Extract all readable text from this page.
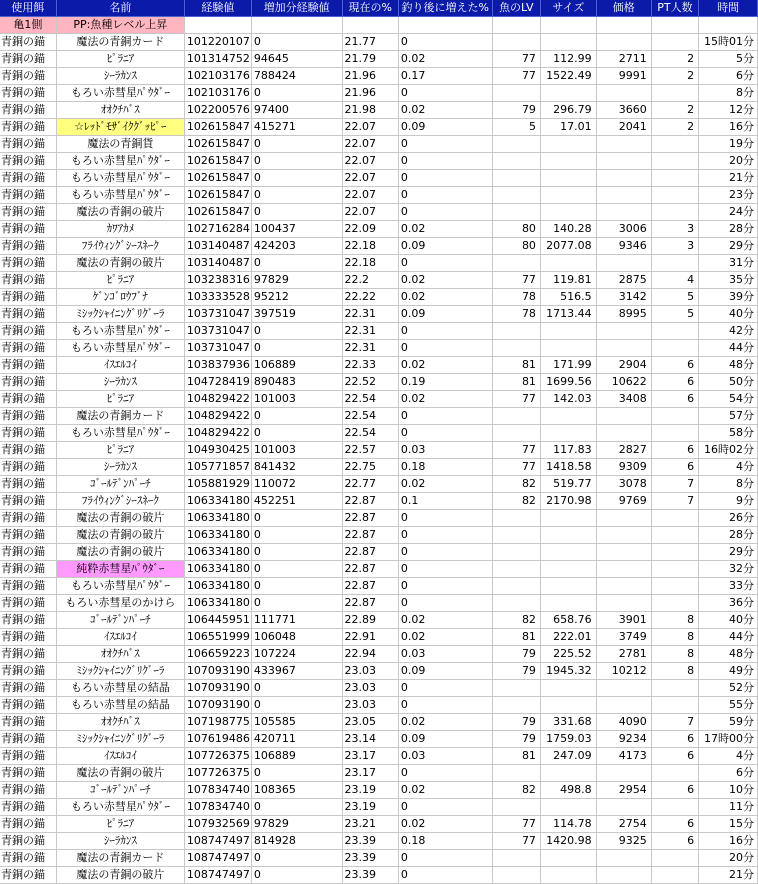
使用餌	名前	経験値	増加分経験値	現在の%	釣り後に増えた%	魚のLV	サイズ	価格	PT人数	時間
亀1側	PP:魚種レベル上昇									
青銅の錨	魔法の青銅カード	101220107	0	21.77	0					15時01分
青銅の錨	ﾋﾟﾗﾆｱ	101314752	94645	21.79	0.02	77	112.99	2711	2	5分
青銅の錨	ｼｰﾗｶﾝｽ	102103176	788424	21.96	0.17	77	1522.49	9991	2	6分
青銅の錨	もろい赤彗星ﾊﾟｳﾀﾞｰ	102103176	0	21.96	0					8分
青銅の錨	ｵｵｸﾁﾊﾞｽ	102200576	97400	21.98	0.02	79	296.79	3660	2	12分
青銅の錨	☆ﾚｯﾄﾞﾓｻﾞｲｸｸﾞｯﾋﾟｰ	102615847	415271	22.07	0.09	5	17.01	2041	2	16分
青銅の錨	魔法の青銅貨	102615847	0	22.07	0					19分
青銅の錨	もろい赤彗星ﾊﾟｳﾀﾞｰ	102615847	0	22.07	0					20分
青銅の錨	もろい赤彗星ﾊﾟｳﾀﾞｰ	102615847	0	22.07	0					21分
青銅の錨	もろい赤彗星ﾊﾟｳﾀﾞｰ	102615847	0	22.07	0					23分
青銅の錨	魔法の青銅の破片	102615847	0	22.07	0					24分
青銅の錨	ｶﾜｱｶﾒ	102716284	100437	22.09	0.02	80	140.28	3006	3	28分
青銅の錨	ﾌﾗｲｳｨﾝｸﾞｼｰｽﾈｰｸ	103140487	424203	22.18	0.09	80	2077.08	9346	3	29分
青銅の錨	魔法の青銅の破片	103140487	0	22.18	0					31分
青銅の錨	ﾋﾟﾗﾆｱ	103238316	97829	22.2	0.02	77	119.81	2875	4	35分
青銅の錨	ｹﾞﾝｺﾞﾛｳﾌﾞﾅ	103333528	95212	22.22	0.02	78	516.5	3142	5	39分
青銅の錨	ﾐｼｯｸｼｬｲﾆﾝｸﾞﾘｸﾞｰﾗ	103731047	397519	22.31	0.09	78	1713.44	8995	5	40分
青銅の錨	もろい赤彗星ﾊﾟｳﾀﾞｰ	103731047	0	22.31	0					42分
青銅の錨	もろい赤彗星ﾊﾟｳﾀﾞｰ	103731047	0	22.31	0					44分
青銅の錨	ｲｽｴﾙｺｲ	103837936	106889	22.33	0.02	81	171.99	2904	6	48分
青銅の錨	ｼｰﾗｶﾝｽ	104728419	890483	22.52	0.19	81	1699.56	10622	6	50分
青銅の錨	ﾋﾟﾗﾆｱ	104829422	101003	22.54	0.02	77	142.03	3408	6	54分
青銅の錨	魔法の青銅カード	104829422	0	22.54	0					57分
青銅の錨	もろい赤彗星ﾊﾟｳﾀﾞｰ	104829422	0	22.54	0					58分
青銅の錨	ﾋﾟﾗﾆｱ	104930425	101003	22.57	0.03	77	117.83	2827	6	16時02分
青銅の錨	ｼｰﾗｶﾝｽ	105771857	841432	22.75	0.18	77	1418.58	9309	6	4分
青銅の錨	ｺﾞｰﾙﾃﾞﾝﾊﾟｰﾁ	105881929	110072	22.77	0.02	82	519.77	3078	7	8分
青銅の錨	ﾌﾗｲｳｨﾝｸﾞｼｰｽﾈｰｸ	106334180	452251	22.87	0.1	82	2170.98	9769	7	9分
青銅の錨	魔法の青銅の破片	106334180	0	22.87	0					26分
青銅の錨	魔法の青銅の破片	106334180	0	22.87	0					28分
青銅の錨	魔法の青銅の破片	106334180	0	22.87	0					29分
青銅の錨	純粋赤彗星ﾊﾟｳﾀﾞｰ	106334180	0	22.87	0					32分
青銅の錨	もろい赤彗星ﾊﾟｳﾀﾞｰ	106334180	0	22.87	0					33分
青銅の錨	もろい赤彗星のかけら	106334180	0	22.87	0					36分
青銅の錨	ｺﾞｰﾙﾃﾞﾝﾊﾟｰﾁ	106445951	111771	22.89	0.02	82	658.76	3901	8	40分
青銅の錨	ｲｽｴﾙｺｲ	106551999	106048	22.91	0.02	81	222.01	3749	8	44分
青銅の錨	ｵｵｸﾁﾊﾞｽ	106659223	107224	22.94	0.03	79	225.52	2781	8	48分
青銅の錨	ﾐｼｯｸｼｬｲﾆﾝｸﾞﾘｸﾞｰﾗ	107093190	433967	23.03	0.09	79	1945.32	10212	8	49分
青銅の錨	もろい赤彗星の結晶	107093190	0	23.03	0					52分
青銅の錨	もろい赤彗星の結晶	107093190	0	23.03	0					55分
青銅の錨	ｵｵｸﾁﾊﾞｽ	107198775	105585	23.05	0.02	79	331.68	4090	7	59分
青銅の錨	ﾐｼｯｸｼｬｲﾆﾝｸﾞﾘｸﾞｰﾗ	107619486	420711	23.14	0.09	79	1759.03	9234	6	17時00分
青銅の錨	ｲｽｴﾙｺｲ	107726375	106889	23.17	0.03	81	247.09	4173	6	4分
青銅の錨	魔法の青銅の破片	107726375	0	23.17	0					6分
青銅の錨	ｺﾞｰﾙﾃﾞﾝﾊﾟｰﾁ	107834740	108365	23.19	0.02	82	498.8	2954	6	10分
青銅の錨	もろい赤彗星ﾊﾟｳﾀﾞｰ	107834740	0	23.19	0					11分
青銅の錨	ﾋﾟﾗﾆｱ	107932569	97829	23.21	0.02	77	114.78	2754	6	15分
青銅の錨	ｼｰﾗｶﾝｽ	108747497	814928	23.39	0.18	77	1420.98	9325	6	16分
青銅の錨	魔法の青銅カード	108747497	0	23.39	0					20分
青銅の錨	魔法の青銅の破片	108747497	0	23.39	0					21分
